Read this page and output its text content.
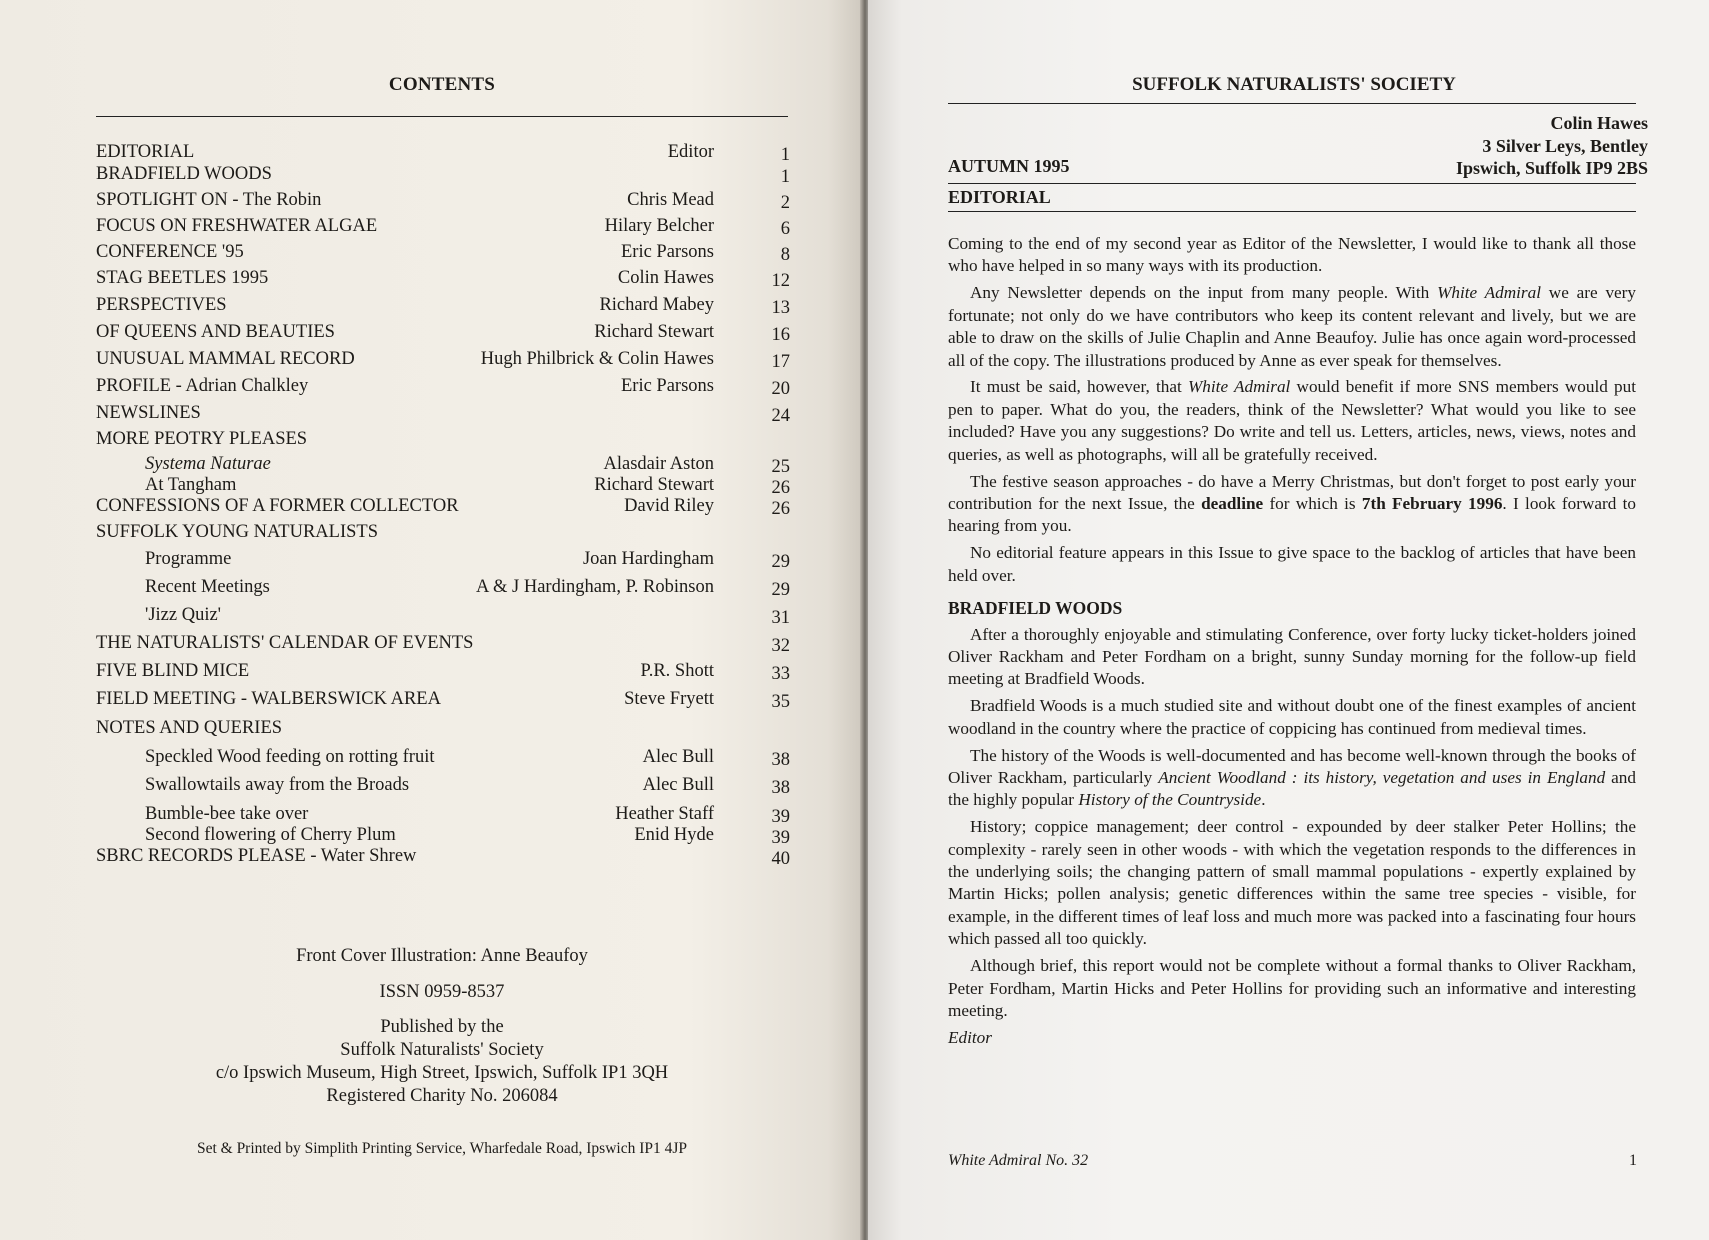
CONTENTS
EDITORIAL	Editor	1
BRADFIELD WOODS	1
SPOTLIGHT ON - The Robin	Chris Mead	2
FOCUS ON FRESHWATER ALGAE	Hilary Belcher	6
CONFERENCE '95	Eric Parsons	8
STAG BEETLES 1995	Colin Hawes	12
PERSPECTIVES	Richard Mabey	13
OF QUEENS AND BEAUTIES	Richard Stewart	16
UNUSUAL MAMMAL RECORD	Hugh Philbrick & Colin Hawes	17
PROFILE - Adrian Chalkley	Eric Parsons	20
NEWSLINES	24
MORE PEOTRY PLEASES
Systema Naturae	Alasdair Aston	25
At Tangham	Richard Stewart	26
CONFESSIONS OF A FORMER COLLECTOR	David Riley	26
SUFFOLK YOUNG NATURALISTS
Programme	Joan Hardingham	29
Recent Meetings	A & J Hardingham, P. Robinson	29
'Jizz Quiz'	31
THE NATURALISTS' CALENDAR OF EVENTS	32
FIVE BLIND MICE	P.R. Shott	33
FIELD MEETING - WALBERSWICK AREA	Steve Fryett	35
NOTES AND QUERIES
Speckled Wood feeding on rotting fruit	Alec Bull	38
Swallowtails away from the Broads	Alec Bull	38
Bumble-bee take over	Heather Staff	39
Second flowering of Cherry Plum	Enid Hyde	39
SBRC RECORDS PLEASE - Water Shrew	40
Front Cover Illustration: Anne Beaufoy
ISSN 0959-8537
Published by the
Suffolk Naturalists' Society
c/o Ipswich Museum, High Street, Ipswich, Suffolk IP1 3QH
Registered Charity No. 206084
Set & Printed by Simplith Printing Service, Wharfedale Road, Ipswich IP1 4JP
SUFFOLK NATURALISTS' SOCIETY
Colin Hawes
3 Silver Leys, Bentley
Ipswich, Suffolk IP9 2BS
AUTUMN 1995
EDITORIAL

Coming to the end of my second year as Editor of the Newsletter, I would like to thank all those who have helped in so many ways with its production.

Any Newsletter depends on the input from many people. With White Admiral we are very fortunate; not only do we have contributors who keep its content relevant and lively, but we are able to draw on the skills of Julie Chaplin and Anne Beaufoy. Julie has once again word-processed all of the copy. The illustrations produced by Anne as ever speak for themselves.

It must be said, however, that White Admiral would benefit if more SNS members would put pen to paper. What do you, the readers, think of the Newsletter? What would you like to see included? Have you any suggestions? Do write and tell us. Letters, articles, news, views, notes and queries, as well as photographs, will all be gratefully received.

The festive season approaches - do have a Merry Christmas, but don't forget to post early your contribution for the next Issue, the deadline for which is 7th February 1996. I look forward to hearing from you.

No editorial feature appears in this Issue to give space to the backlog of articles that have been held over.

BRADFIELD WOODS

After a thoroughly enjoyable and stimulating Conference, over forty lucky ticket-holders joined Oliver Rackham and Peter Fordham on a bright, sunny Sunday morning for the follow-up field meeting at Bradfield Woods.

Bradfield Woods is a much studied site and without doubt one of the finest examples of ancient woodland in the country where the practice of coppicing has continued from medieval times.

The history of the Woods is well-documented and has become well-known through the books of Oliver Rackham, particularly Ancient Woodland : its history, vegetation and uses in England and the highly popular History of the Countryside.

History; coppice management; deer control - expounded by deer stalker Peter Hollins; the complexity - rarely seen in other woods - with which the vegetation responds to the differences in the underlying soils; the changing pattern of small mammal populations - expertly explained by Martin Hicks; pollen analysis; genetic differences within the same tree species - visible, for example, in the different times of leaf loss and much more was packed into a fascinating four hours which passed all too quickly.

Although brief, this report would not be complete without a formal thanks to Oliver Rackham, Peter Fordham, Martin Hicks and Peter Hollins for providing such an informative and interesting meeting.

Editor

White Admiral No. 32	1
